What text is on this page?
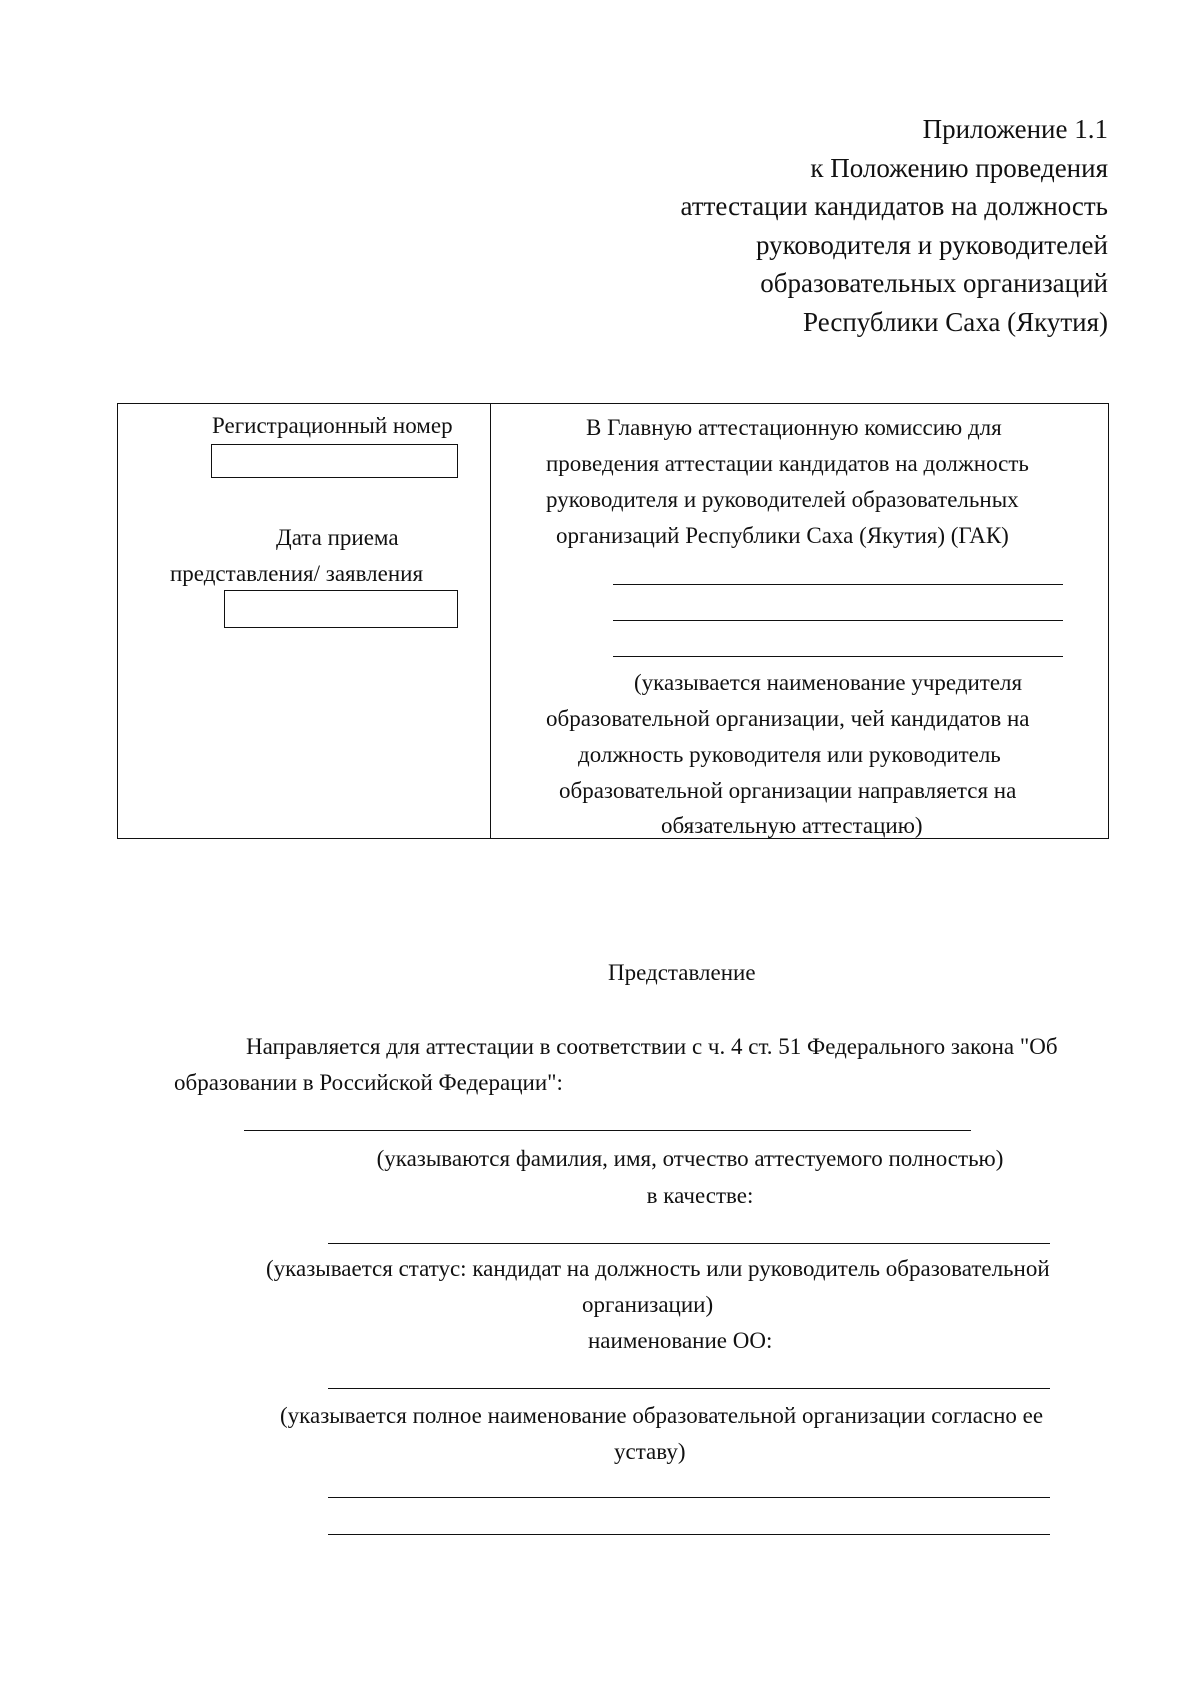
Приложение 1.1
к Положению проведения
аттестации кандидатов на должность
руководителя и руководителей
образовательных организаций
Республики Саха (Якутия)
Регистрационный номер
Дата приема
представления/ заявления
В Главную аттестационную комиссию для
проведения аттестации кандидатов на должность
руководителя и руководителей образовательных
организаций Республики Саха (Якутия) (ГАК)
(указывается наименование учредителя
образовательной организации, чей кандидатов на
должность руководителя или руководитель
образовательной организации направляется на
обязательную аттестацию)
Представление
Направляется для аттестации в соответствии с ч. 4 ст. 51 Федерального закона "Об
образовании в Российской Федерации":
(указываются фамилия, имя, отчество аттестуемого полностью)
в качестве:
(указывается статус: кандидат на должность или руководитель образовательной
организации)
наименование ОО:
(указывается полное наименование образовательной организации согласно ее
уставу)
